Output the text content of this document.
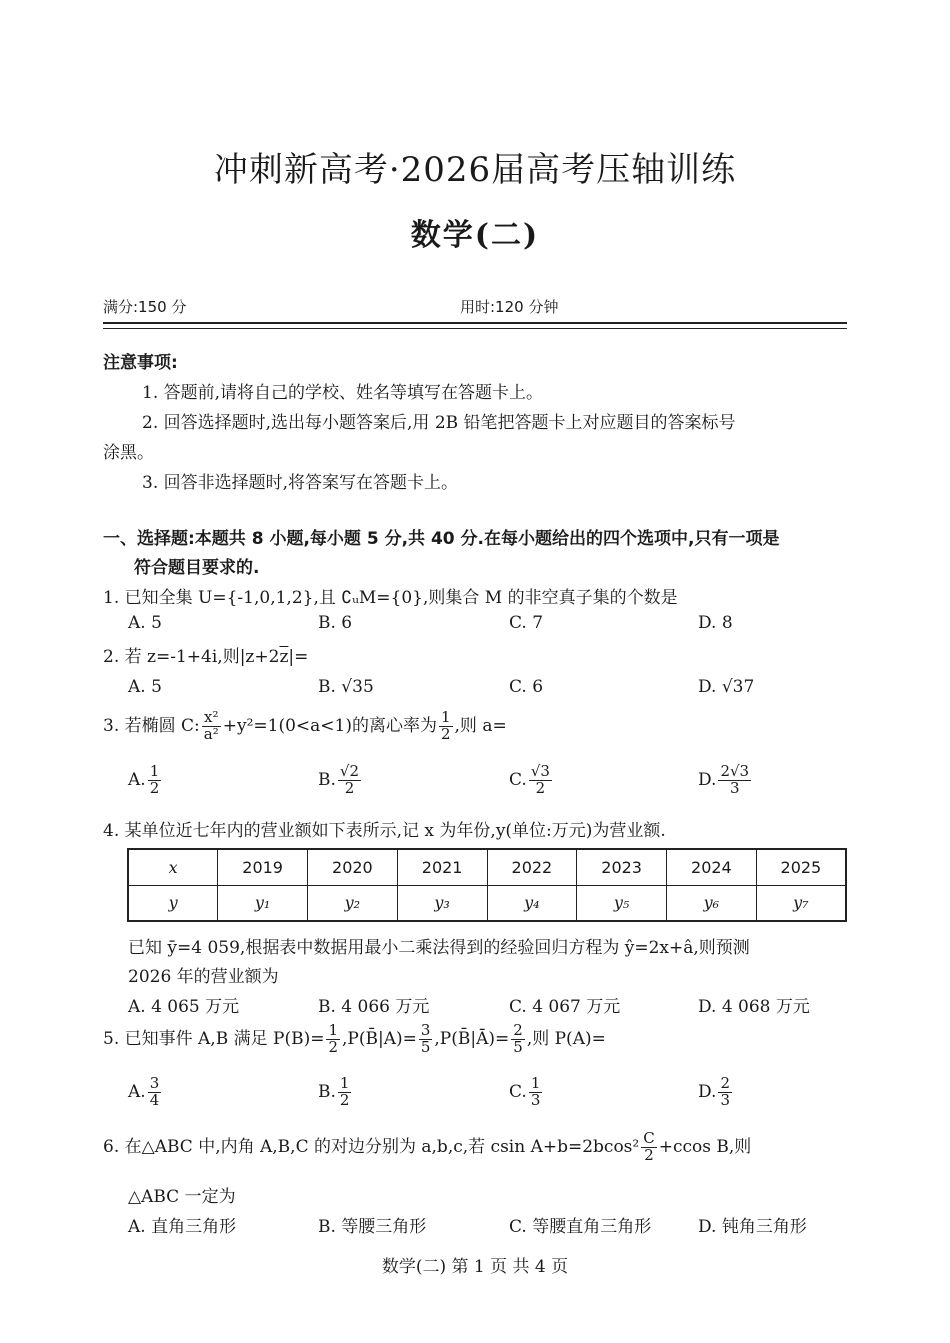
冲刺新高考·2026届高考压轴训练
数学(二)
满分:150 分	用时:120 分钟
注意事项:
1. 答题前,请将自己的学校、姓名等填写在答题卡上。
2. 回答选择题时,选出每小题答案后,用 2B 铅笔把答题卡上对应题目的答案标号
涂黑。
3. 回答非选择题时,将答案写在答题卡上。
一、选择题:本题共 8 小题,每小题 5 分,共 40 分.在每小题给出的四个选项中,只有一项是
符合题目要求的.
1. 已知全集 U={-1,0,1,2},且 ∁ᵤM={0},则集合 M 的非空真子集的个数是
A. 5	B. 6	C. 7	D. 8
2. 若 z=-1+4i,则$|z+2\overline{z}|=$
A. 5	B. √35	C. 6	D. √37
3. 若椭圆 C: $\frac{\text{x²}}{\text{a²}} +y^2=1(0<a<1)$的离心率为 $\frac{1}{2}$ ,则 a=
A. $\frac{1}{2}$	B. $\frac{√2}{2}$	C. $\frac{√3}{2}$	D. $\frac{2√3}{3}$
4. 某单位近七年内的营业额如下表所示,记 x 为年份,y(单位:万元)为营业额.
x	2019	2020	2021	2022	2023	2024	2025
y	y₁	y₂	y₃	y₄	y₅	y₆	y₇
已知 ȳ=4 059,根据表中数据用最小二乘法得到的经验回归方程为 ŷ=2x+â,则预测
2026 年的营业额为
A. 4 065 万元	B. 4 066 万元	C. 4 067 万元	D. 4 068 万元
5. 已知事件 A,B 满足 $P(B)= \frac{1}{2}$ ,P(B̄|A)= $\frac{3}{5}$ ,P(B̄|Ā)= $\frac{2}{5}$ ,则 P(A)=
A. $\frac{3}{4}$	B. $\frac{1}{2}$	C. $\frac{1}{3}$	D. $\frac{2}{3}$
6. 在△ABC 中,内角 A,B,C 的对边分别为 a,b,c,若 csin $A+b=2bcos^2 \frac{C}{2} +ccos$ B,则
△ABC 一定为
A. 直角三角形	B. 等腰三角形	C. 等腰直角三角形	D. 钝角三角形
数学(二) 第 1 页 共 4 页
